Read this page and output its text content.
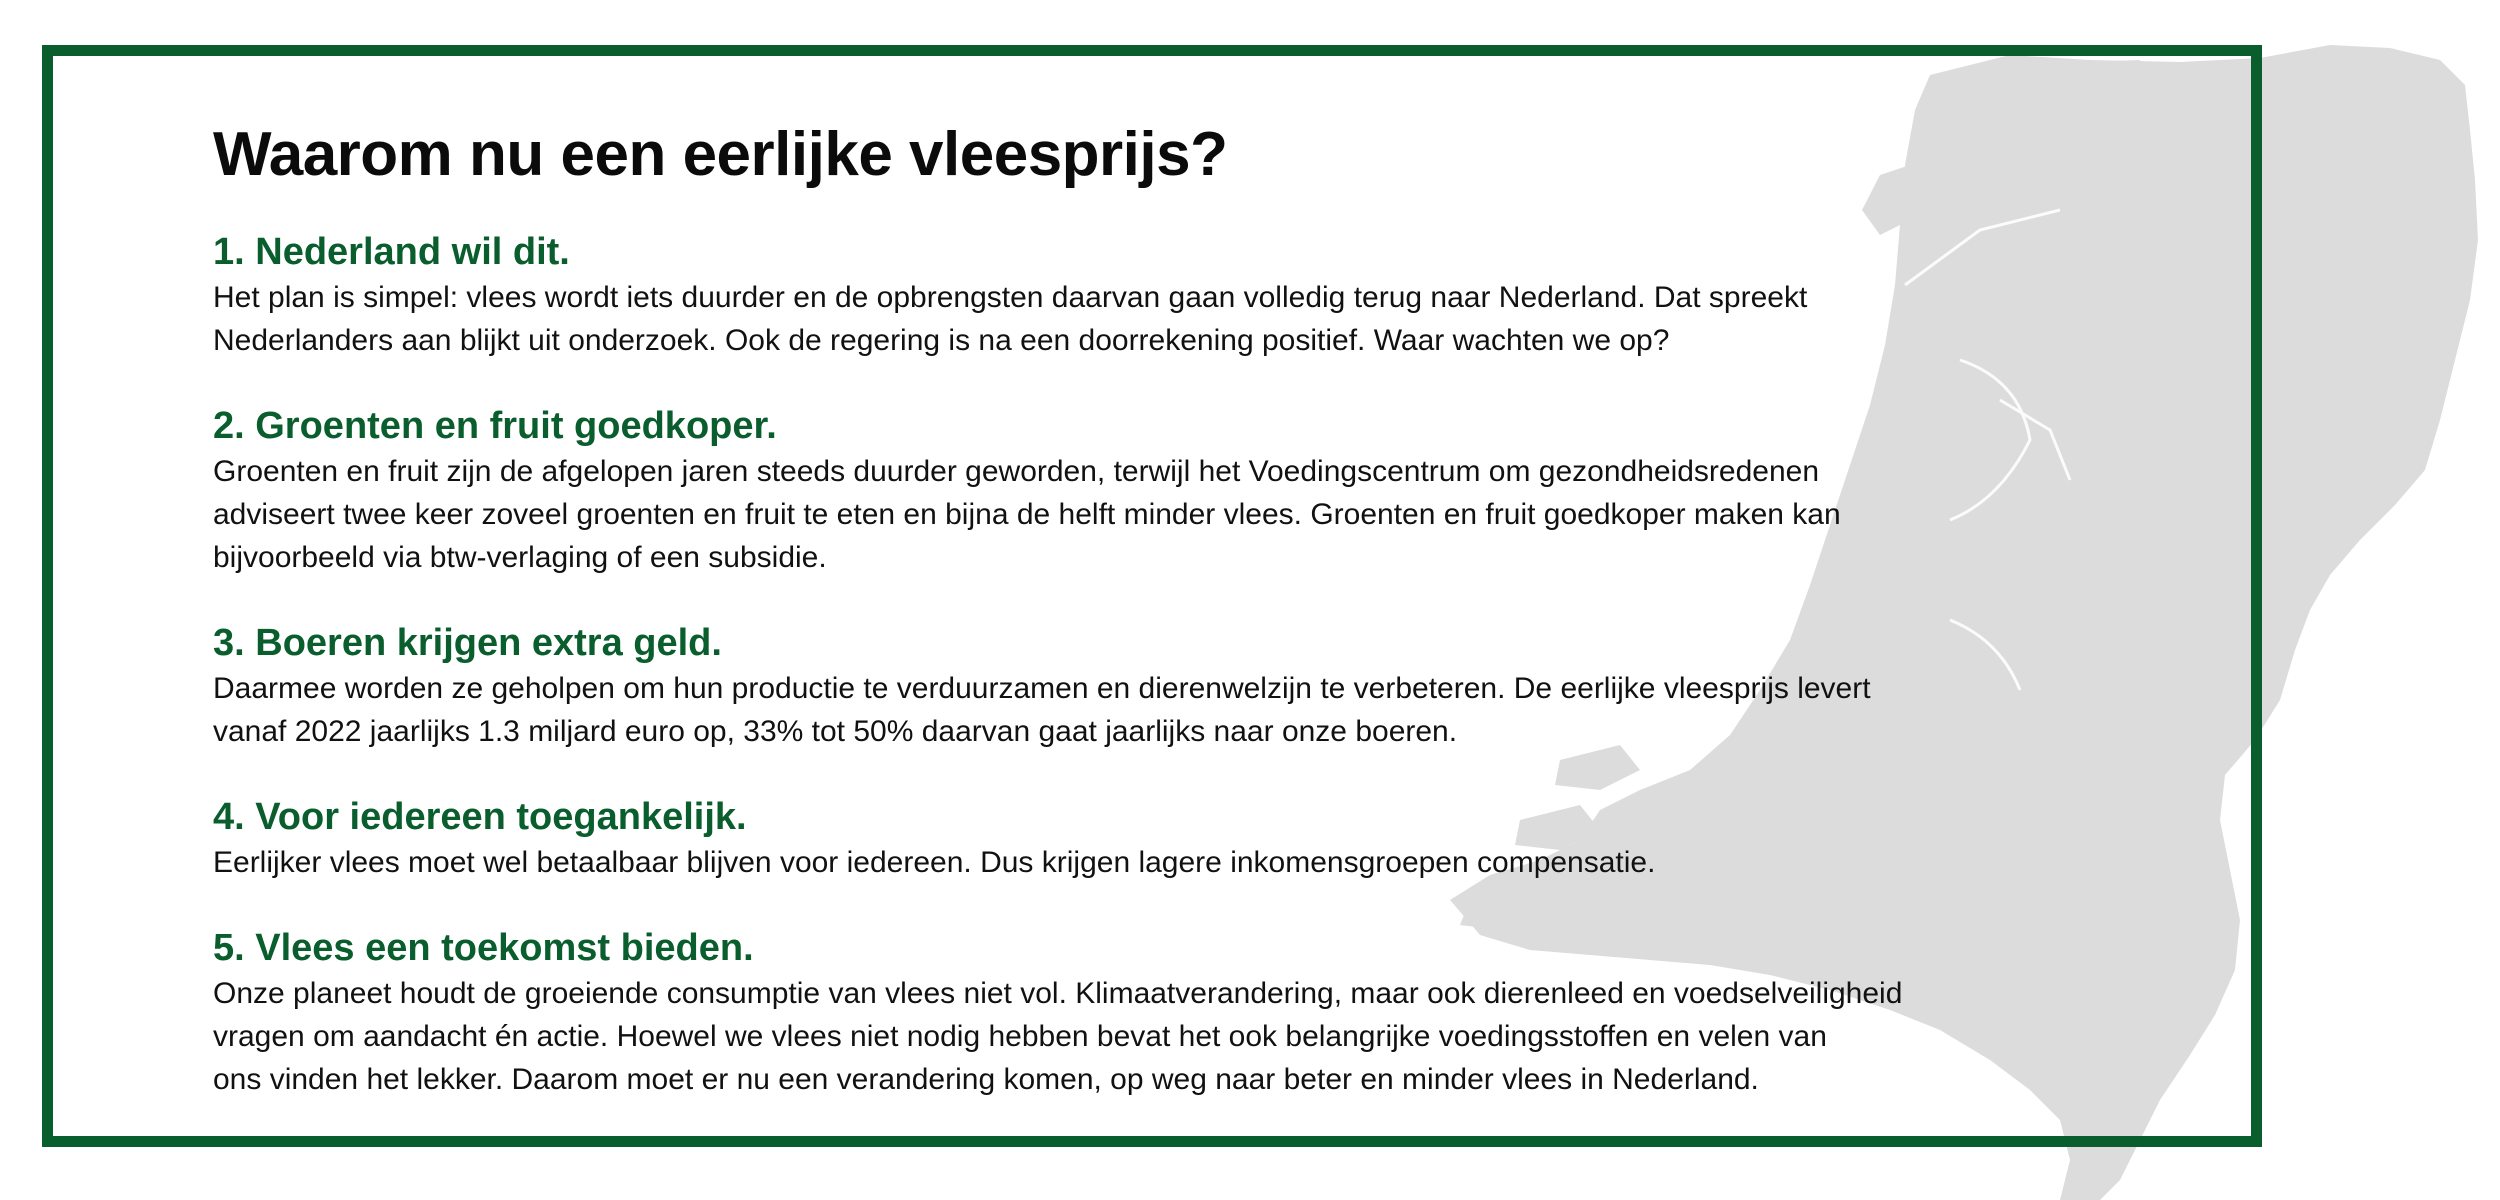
Waarom nu een eerlijke vleesprijs?
1. Nederland wil dit.

Het plan is simpel: vlees wordt iets duurder en de opbrengsten daarvan gaan volledig terug naar Nederland. Dat spreekt
Nederlanders aan blijkt uit onderzoek. Ook de regering is na een doorrekening positief. Waar wachten we op?

2. Groenten en fruit goedkoper.

Groenten en fruit zijn de afgelopen jaren steeds duurder geworden, terwijl het Voedingscentrum om gezondheidsredenen
adviseert twee keer zoveel groenten en fruit te eten en bijna de helft minder vlees. Groenten en fruit goedkoper maken kan
bijvoorbeeld via btw-verlaging of een subsidie.

3. Boeren krijgen extra geld.

Daarmee worden ze geholpen om hun productie te verduurzamen en dierenwelzijn te verbeteren. De eerlijke vleesprijs levert
vanaf 2022 jaarlijks 1.3 miljard euro op, 33% tot 50% daarvan gaat jaarlijks naar onze boeren.

4. Voor iedereen toegankelijk.

Eerlijker vlees moet wel betaalbaar blijven voor iedereen. Dus krijgen lagere inkomensgroepen compensatie.

5. Vlees een toekomst bieden.

Onze planeet houdt de groeiende consumptie van vlees niet vol. Klimaatverandering, maar ook dierenleed en voedselveiligheid
vragen om aandacht én actie. Hoewel we vlees niet nodig hebben bevat het ook belangrijke voedingsstoffen en velen van
ons vinden het lekker. Daarom moet er nu een verandering komen, op weg naar beter en minder vlees in Nederland.
